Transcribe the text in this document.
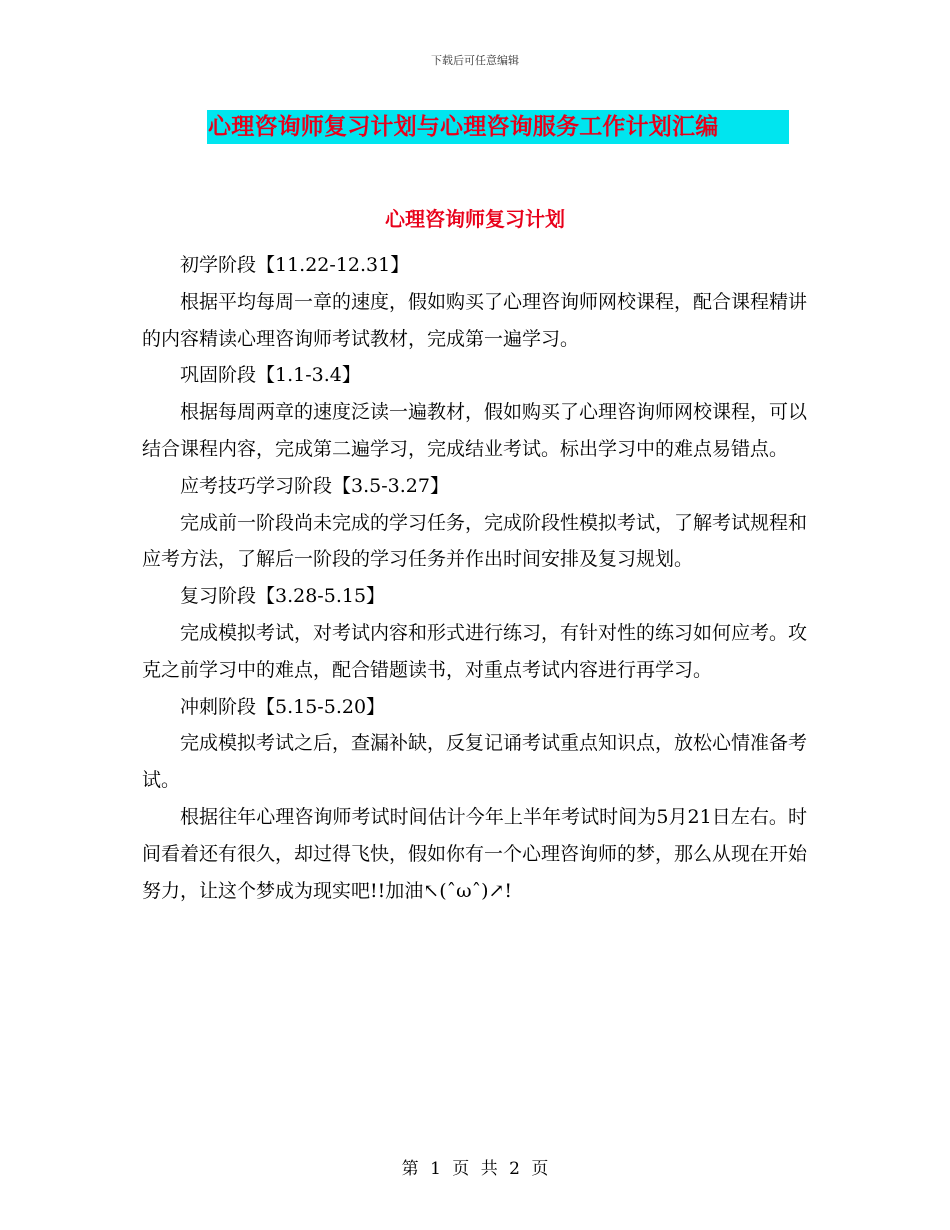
下载后可任意编辑
心理咨询师复习计划与心理咨询服务工作计划汇编
心理咨询师复习计划

初学阶段【11.22-12.31】

根据平均每周一章的速度，假如购买了心理咨询师网校课程，配合课程精讲的内容精读心理咨询师考试教材，完成第一遍学习。

巩固阶段【1.1-3.4】

根据每周两章的速度泛读一遍教材，假如购买了心理咨询师网校课程，可以结合课程内容，完成第二遍学习，完成结业考试。标出学习中的难点易错点。

应考技巧学习阶段【3.5-3.27】

完成前一阶段尚未完成的学习任务，完成阶段性模拟考试，了解考试规程和应考方法，了解后一阶段的学习任务并作出时间安排及复习规划。

复习阶段【3.28-5.15】

完成模拟考试，对考试内容和形式进行练习，有针对性的练习如何应考。攻克之前学习中的难点，配合错题读书，对重点考试内容进行再学习。

冲刺阶段【5.15-5.20】

完成模拟考试之后，查漏补缺，反复记诵考试重点知识点，放松心情准备考试。

根据往年心理咨询师考试时间估计今年上半年考试时间为5月21日左右。时间看着还有很久，却过得飞快，假如你有一个心理咨询师的梦，那么从现在开始努力，让这个梦成为现实吧!!加油↖(ˆωˆ)↗!

第 1 页 共 2 页
